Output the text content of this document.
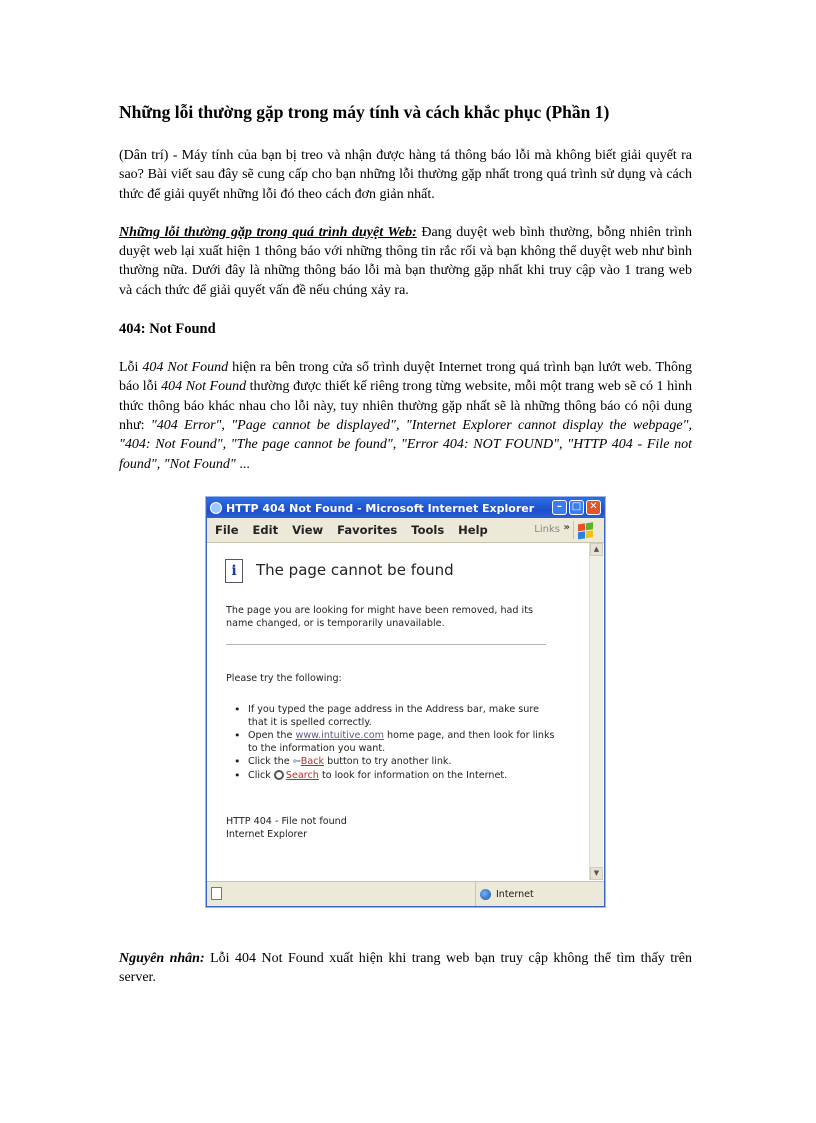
Những lỗi thường gặp trong máy tính và cách khắc phục (Phần 1)

(Dân trí) - Máy tính của bạn bị treo và nhận được hàng tá thông báo lỗi mà không biết giải quyết ra sao? Bài viết sau đây sẽ cung cấp cho bạn những lỗi thường gặp nhất trong quá trình sử dụng và cách thức để giải quyết những lỗi đó theo cách đơn giản nhất.

Những lỗi thường gặp trong quá trình duyệt Web: Đang duyệt web bình thường, bỗng nhiên trình duyệt web lại xuất hiện 1 thông báo với những thông tin rắc rối và bạn không thể duyệt web như bình thường nữa. Dưới đây là những thông báo lỗi mà bạn thường gặp nhất khi truy cập vào 1 trang web và cách thức để giải quyết vấn đề nếu chúng xảy ra.

404: Not Found

Lỗi 404 Not Found hiện ra bên trong cửa sổ trình duyệt Internet trong quá trình bạn lướt web. Thông báo lỗi 404 Not Found thường được thiết kế riêng trong từng website, mỗi một trang web sẽ có 1 hình thức thông báo khác nhau cho lỗi này, tuy nhiên thường gặp nhất sẽ là những thông báo có nội dung như: "404 Error", "Page cannot be displayed", "Internet Explorer cannot display the webpage", "404: Not Found", "The page cannot be found", "Error 404: NOT FOUND", "HTTP 404 - File not found", "Not Found" ...

HTTP 404 Not Found - Microsoft Internet Explorer	– □ ✕
File Edit View Favorites Tools Help	Links »
i	The page cannot be found
The page you are looking for might have been removed, had its name changed, or is temporarily unavailable.
Please try the following:
• If you typed the page address in the Address bar, make sure that it is spelled correctly.
• Open the www.intuitive.com home page, and then look for links to the information you want.
• Click the ⇦Back button to try another link.
• Click Search to look for information on the Internet.
HTTP 404 - File not found
Internet Explorer
▲
▼
Internet

Nguyên nhân: Lỗi 404 Not Found xuất hiện khi trang web bạn truy cập không thể tìm thấy trên server.
